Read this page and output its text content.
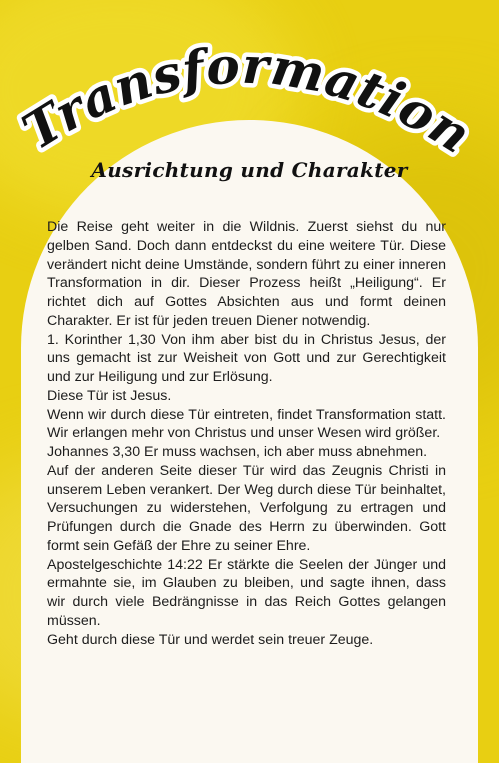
Transformation
Ausrichtung und Charakter

Die Reise geht weiter in die Wildnis. Zuerst siehst du nur gelben Sand. Doch dann entdeckst du eine weitere Tür. Diese verändert nicht deine Umstände, sondern führt zu einer inneren Transformation in dir. Dieser Prozess heißt „Heiligung“. Er richtet dich auf Gottes Absichten aus und formt deinen Charakter. Er ist für jeden treuen Diener notwendig.

1. Korinther 1,30 Von ihm aber bist du in Christus Jesus, der uns gemacht ist zur Weisheit von Gott und zur Gerechtigkeit und zur Heiligung und zur Erlösung.

Diese Tür ist Jesus.

Wenn wir durch diese Tür eintreten, findet Transformation statt. Wir erlangen mehr von Christus und unser Wesen wird größer.

Johannes 3,30 Er muss wachsen, ich aber muss abnehmen.

Auf der anderen Seite dieser Tür wird das Zeugnis Christi in unserem Leben verankert. Der Weg durch diese Tür beinhaltet, Versuchungen zu widerstehen, Verfolgung zu ertragen und Prüfungen durch die Gnade des Herrn zu überwinden. Gott formt sein Gefäß der Ehre zu seiner Ehre.

Apostelgeschichte 14:22 Er stärkte die Seelen der Jünger und ermahnte sie, im Glauben zu bleiben, und sagte ihnen, dass wir durch viele Bedrängnisse in das Reich Gottes gelangen müssen.

Geht durch diese Tür und werdet sein treuer Zeuge.
